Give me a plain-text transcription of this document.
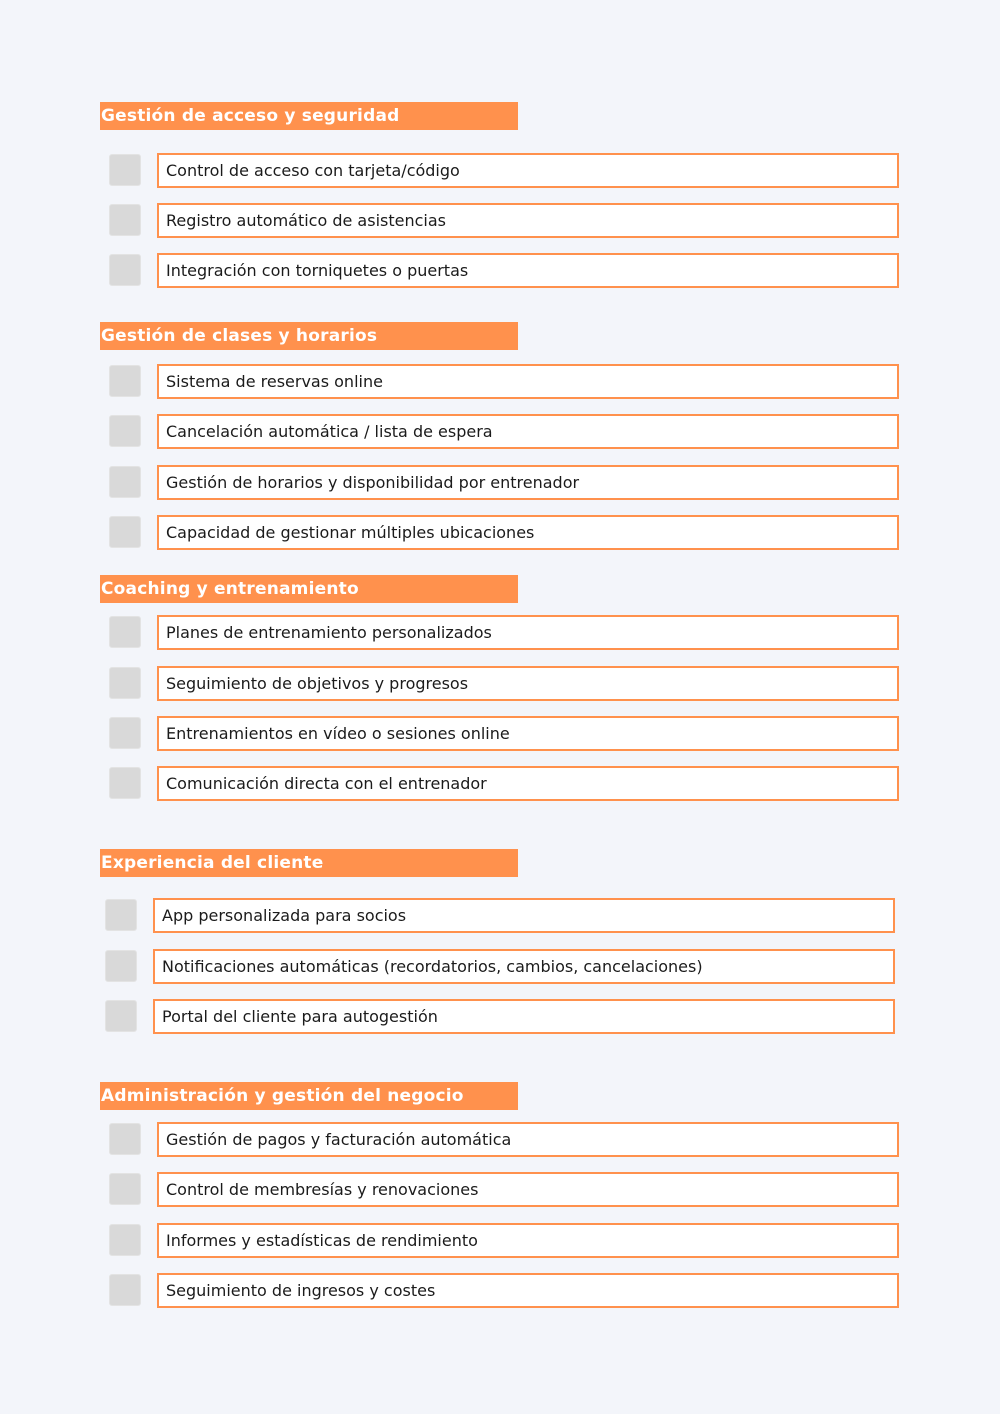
Gestión de acceso y seguridad
Control de acceso con tarjeta/código
Registro automático de asistencias
Integración con torniquetes o puertas
Gestión de clases y horarios
Sistema de reservas online
Cancelación automática / lista de espera
Gestión de horarios y disponibilidad por entrenador
Capacidad de gestionar múltiples ubicaciones
Coaching y entrenamiento
Planes de entrenamiento personalizados
Seguimiento de objetivos y progresos
Entrenamientos en vídeo o sesiones online
Comunicación directa con el entrenador
Experiencia del cliente
App personalizada para socios
Notificaciones automáticas (recordatorios, cambios, cancelaciones)
Portal del cliente para autogestión
Administración y gestión del negocio
Gestión de pagos y facturación automática
Control de membresías y renovaciones
Informes y estadísticas de rendimiento
Seguimiento de ingresos y costes
